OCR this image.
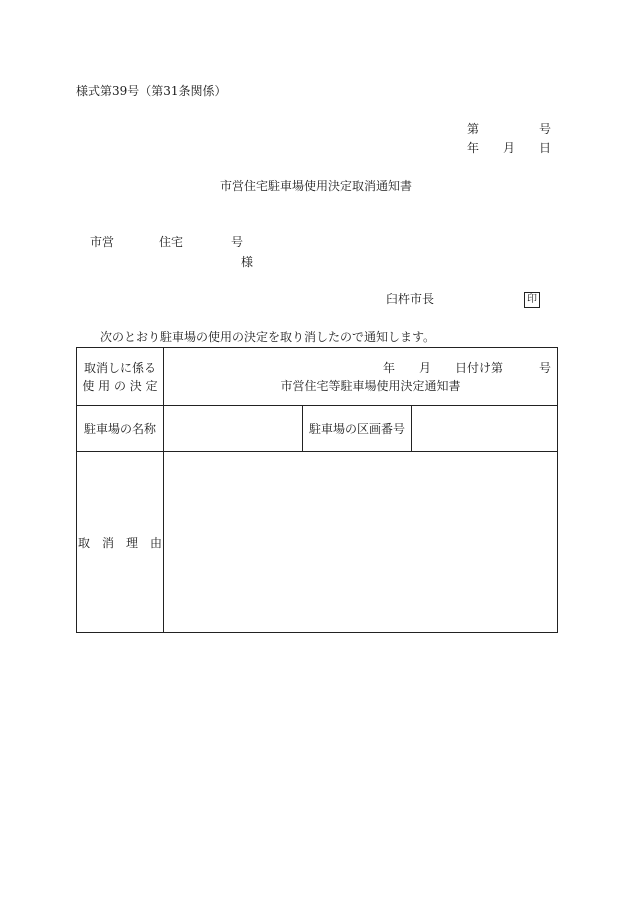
様式第39号（第31条関係）
第	号
年 月 日
市営住宅駐車場使用決定取消通知書
市営	住宅	号
様
臼杵市長	印
次のとおり駐車場の使用の決定を取り消したので通知します。
取消しに係る
使 用 の 決 定	年　　月　　日付け第　　　号
市営住宅等駐車場使用決定通知書		

駐車場の名称		駐車場の区画番号	
取　消　理　由			
